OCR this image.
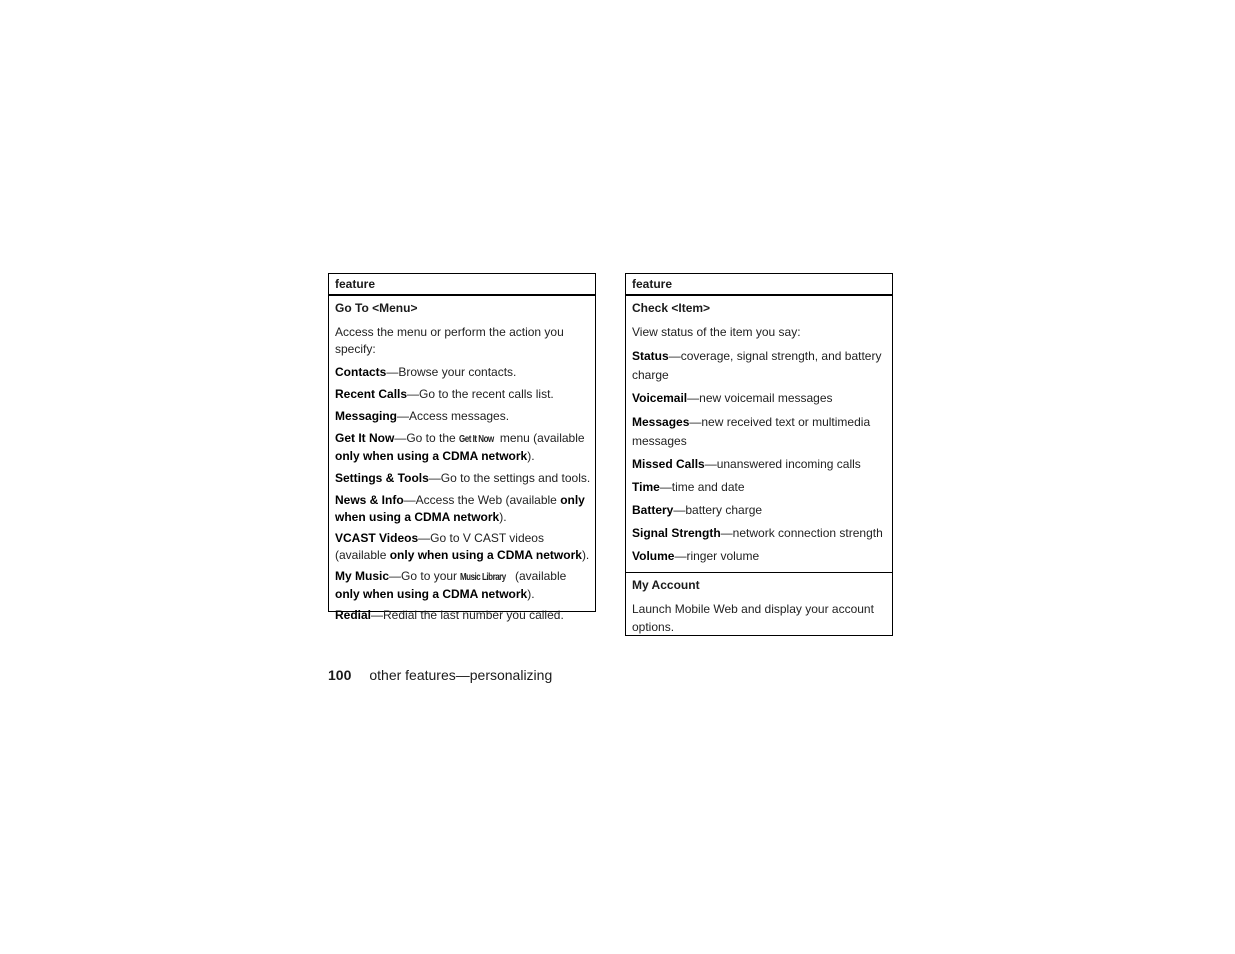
feature
Go To <Menu>
Access the menu or perform the action you specify:
Contacts—Browse your contacts.
Recent Calls—Go to the recent calls list.
Messaging—Access messages.
Get It Now—Go to the Get It Now menu (available only when using a CDMA network).
Settings & Tools—Go to the settings and tools.
News & Info—Access the Web (available only when using a CDMA network).
VCAST Videos—Go to V CAST videos (available only when using a CDMA network).
My Music—Go to your Music Library (available only when using a CDMA network).
Redial—Redial the last number you called.
feature
Check <Item>
View status of the item you say:
Status—coverage, signal strength, and battery charge
Voicemail—new voicemail messages
Messages—new received text or multimedia messages
Missed Calls—unanswered incoming calls
Time—time and date
Battery—battery charge
Signal Strength—network connection strength
Volume—ringer volume
My Account
Launch Mobile Web and display your account options.
100 other features—personalizing
